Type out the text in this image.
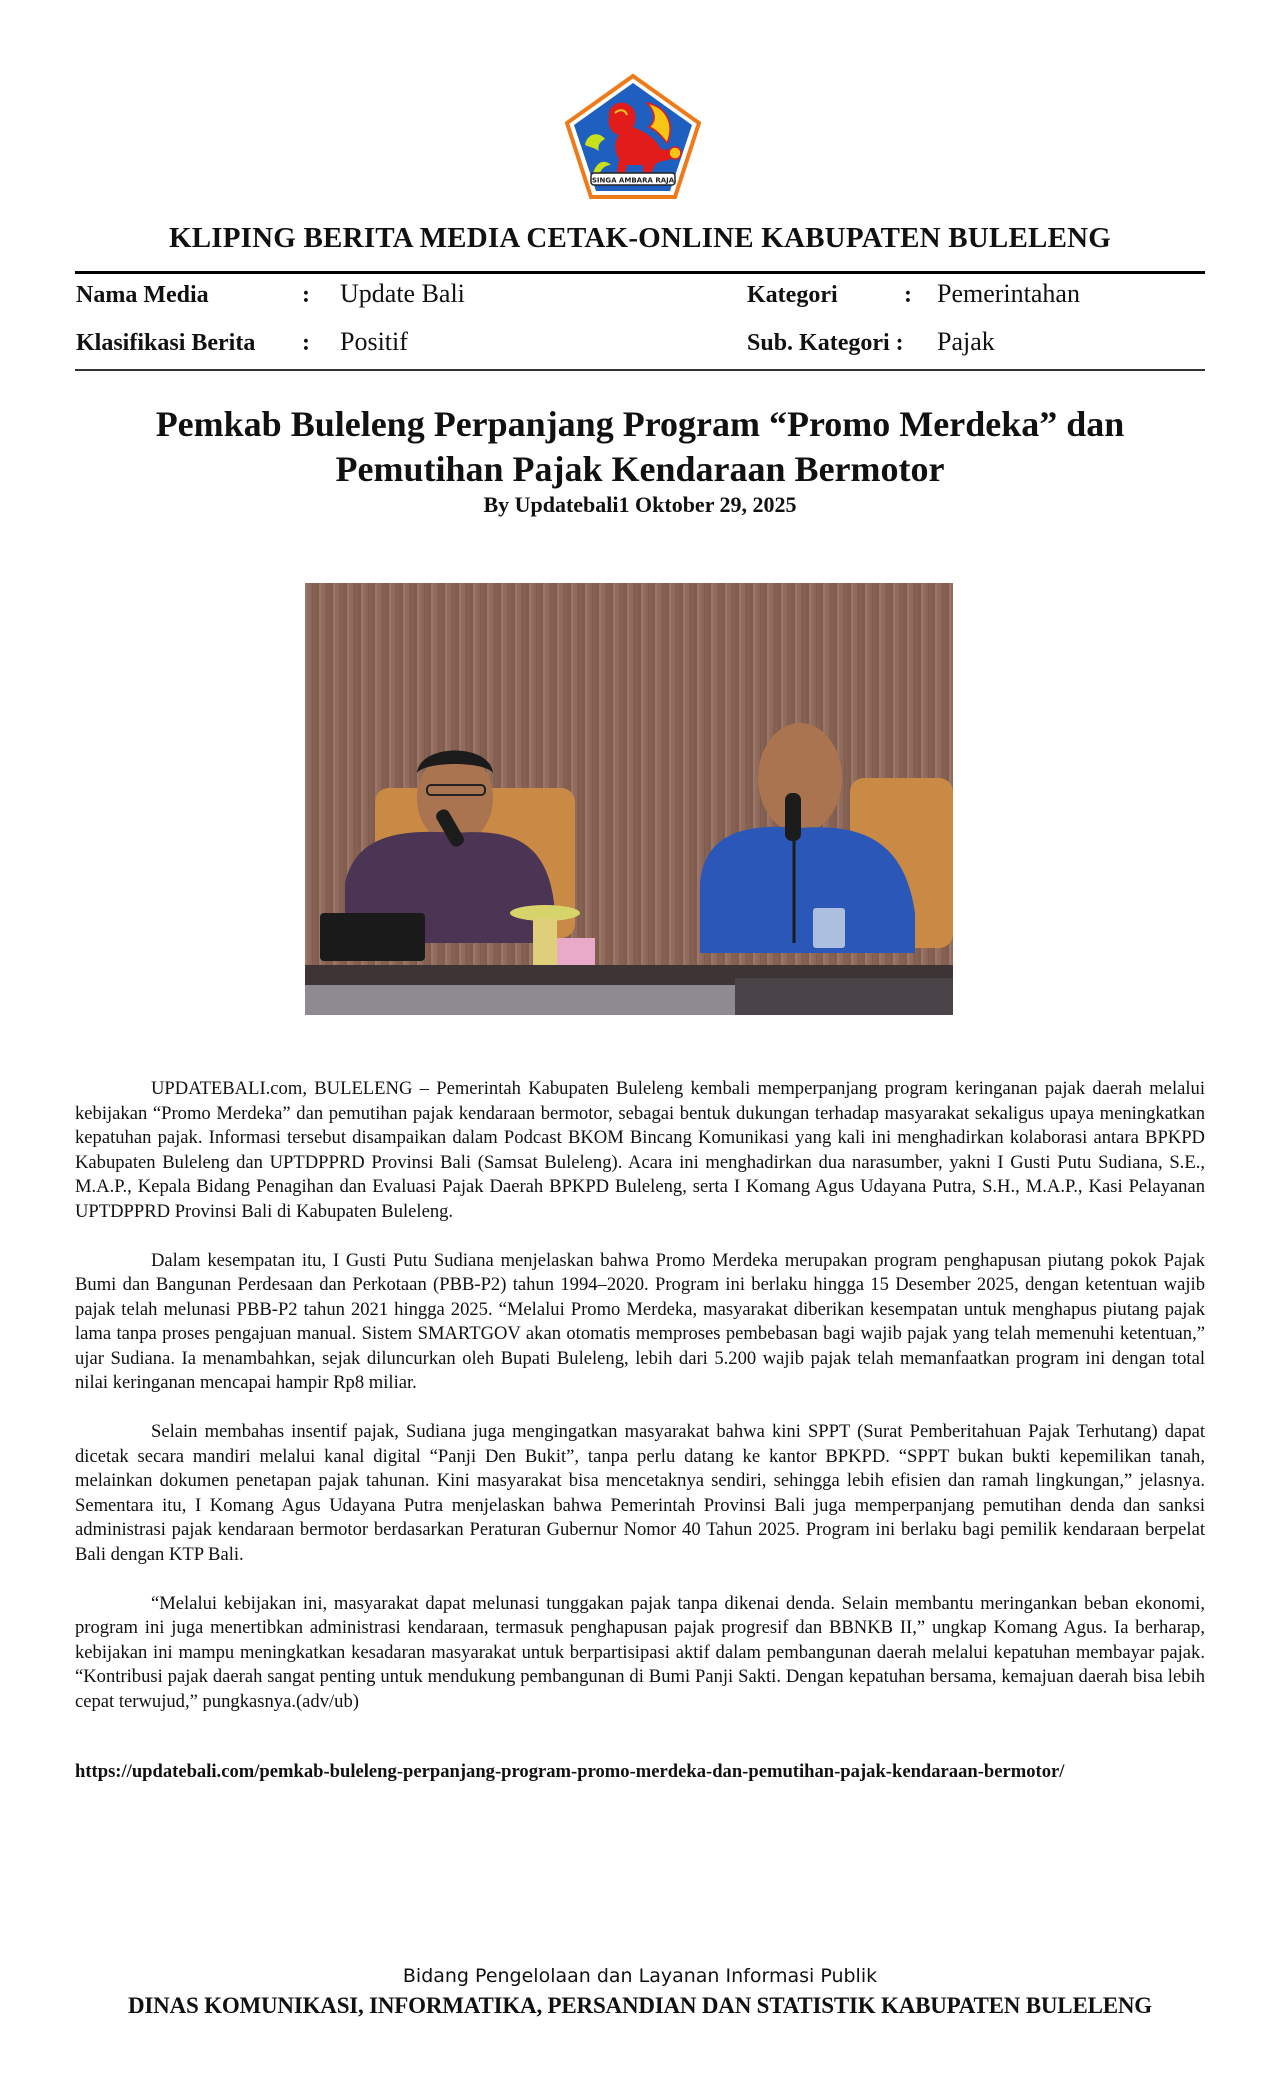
SINGA AMBARA RAJA
KLIPING BERITA MEDIA CETAK-ONLINE KABUPATEN BULELENG
Nama Media	: Update Bali
Klasifikasi Berita : Positif
Kategori	: Pemerintahan
Sub. Kategori : Pajak
Pemkab Buleleng Perpanjang Program “Promo Merdeka” dan
Pemutihan Pajak Kendaraan Bermotor
By Updatebali1 Oktober 29, 2025

UPDATEBALI.com, BULELENG – Pemerintah Kabupaten Buleleng kembali memperpanjang program keringanan pajak daerah melalui kebijakan “Promo Merdeka” dan pemutihan pajak kendaraan bermotor, sebagai bentuk dukungan terhadap masyarakat sekaligus upaya meningkatkan kepatuhan pajak. Informasi tersebut disampaikan dalam Podcast BKOM Bincang Komunikasi yang kali ini menghadirkan kolaborasi antara BPKPD Kabupaten Buleleng dan UPTDPPRD Provinsi Bali (Samsat Buleleng). Acara ini menghadirkan dua narasumber, yakni I Gusti Putu Sudiana, S.E., M.A.P., Kepala Bidang Penagihan dan Evaluasi Pajak Daerah BPKPD Buleleng, serta I Komang Agus Udayana Putra, S.H., M.A.P., Kasi Pelayanan UPTDPPRD Provinsi Bali di Kabupaten Buleleng.

Dalam kesempatan itu, I Gusti Putu Sudiana menjelaskan bahwa Promo Merdeka merupakan program penghapusan piutang pokok Pajak Bumi dan Bangunan Perdesaan dan Perkotaan (PBB-P2) tahun 1994–2020. Program ini berlaku hingga 15 Desember 2025, dengan ketentuan wajib pajak telah melunasi PBB-P2 tahun 2021 hingga 2025. “Melalui Promo Merdeka, masyarakat diberikan kesempatan untuk menghapus piutang pajak lama tanpa proses pengajuan manual. Sistem SMARTGOV akan otomatis memproses pembebasan bagi wajib pajak yang telah memenuhi ketentuan,” ujar Sudiana. Ia menambahkan, sejak diluncurkan oleh Bupati Buleleng, lebih dari 5.200 wajib pajak telah memanfaatkan program ini dengan total nilai keringanan mencapai hampir Rp8 miliar.

Selain membahas insentif pajak, Sudiana juga mengingatkan masyarakat bahwa kini SPPT (Surat Pemberitahuan Pajak Terhutang) dapat dicetak secara mandiri melalui kanal digital “Panji Den Bukit”, tanpa perlu datang ke kantor BPKPD. “SPPT bukan bukti kepemilikan tanah, melainkan dokumen penetapan pajak tahunan. Kini masyarakat bisa mencetaknya sendiri, sehingga lebih efisien dan ramah lingkungan,” jelasnya. Sementara itu, I Komang Agus Udayana Putra menjelaskan bahwa Pemerintah Provinsi Bali juga memperpanjang pemutihan denda dan sanksi administrasi pajak kendaraan bermotor berdasarkan Peraturan Gubernur Nomor 40 Tahun 2025. Program ini berlaku bagi pemilik kendaraan berpelat Bali dengan KTP Bali.

“Melalui kebijakan ini, masyarakat dapat melunasi tunggakan pajak tanpa dikenai denda. Selain membantu meringankan beban ekonomi, program ini juga menertibkan administrasi kendaraan, termasuk penghapusan pajak progresif dan BBNKB II,” ungkap Komang Agus. Ia berharap, kebijakan ini mampu meningkatkan kesadaran masyarakat untuk berpartisipasi aktif dalam pembangunan daerah melalui kepatuhan membayar pajak. “Kontribusi pajak daerah sangat penting untuk mendukung pembangunan di Bumi Panji Sakti. Dengan kepatuhan bersama, kemajuan daerah bisa lebih cepat terwujud,” pungkasnya.(adv/ub)

https://updatebali.com/pemkab-buleleng-perpanjang-program-promo-merdeka-dan-pemutihan-pajak-kendaraan-bermotor/
Bidang Pengelolaan dan Layanan Informasi Publik
DINAS KOMUNIKASI, INFORMATIKA, PERSANDIAN DAN STATISTIK KABUPATEN BULELENG
